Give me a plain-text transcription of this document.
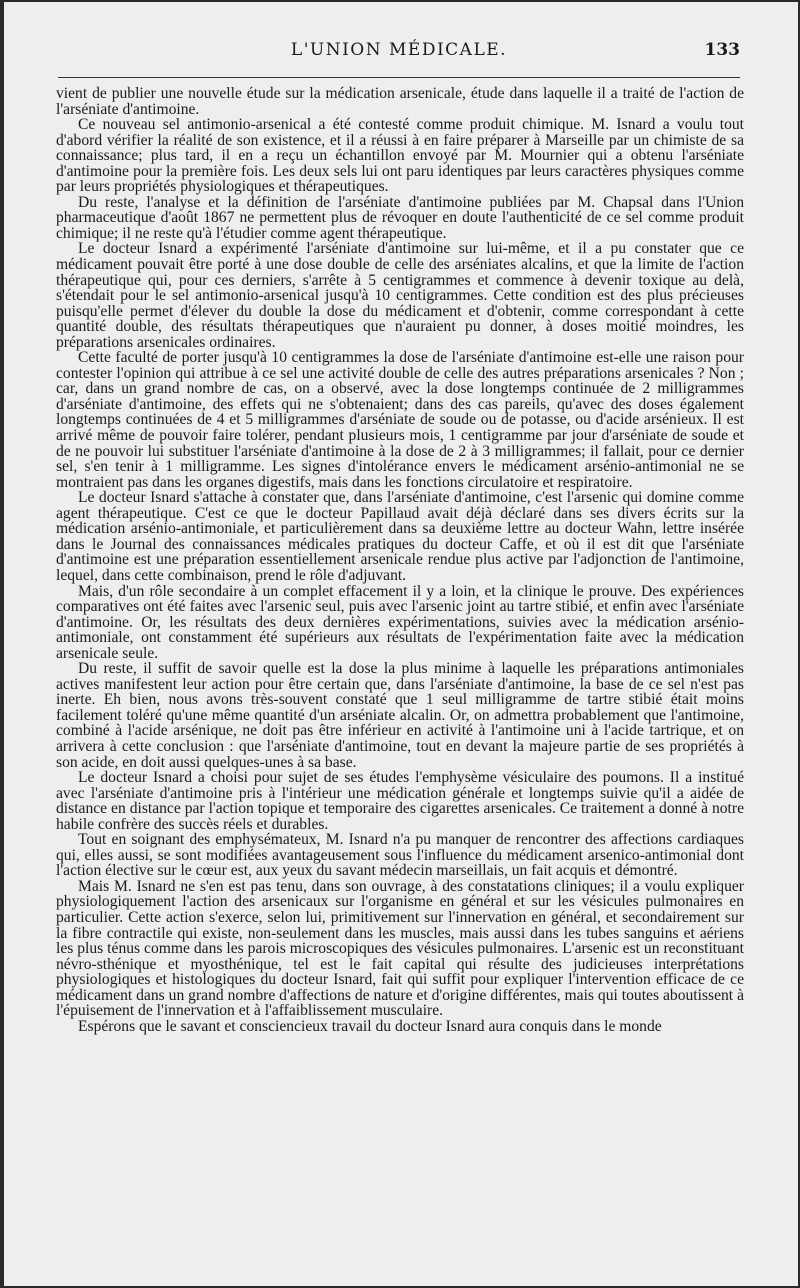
L'UNION MÉDICALE.	133

vient de publier une nouvelle étude sur la médication arsenicale, étude dans laquelle il a traité de l'action de l'arséniate d'antimoine.

Ce nouveau sel antimonio-arsenical a été contesté comme produit chimique. M. Isnard a voulu tout d'abord vérifier la réalité de son existence, et il a réussi à en faire préparer à Marseille par un chimiste de sa connaissance; plus tard, il en a reçu un échantillon envoyé par M. Mournier qui a obtenu l'arséniate d'antimoine pour la première fois. Les deux sels lui ont paru identiques par leurs caractères physiques comme par leurs propriétés physiologiques et thérapeutiques.

Du reste, l'analyse et la définition de l'arséniate d'antimoine publiées par M. Chapsal dans l'Union pharmaceutique d'août 1867 ne permettent plus de révoquer en doute l'authenticité de ce sel comme produit chimique; il ne reste qu'à l'étudier comme agent thérapeutique.

Le docteur Isnard a expérimenté l'arséniate d'antimoine sur lui-même, et il a pu constater que ce médicament pouvait être porté à une dose double de celle des arséniates alcalins, et que la limite de l'action thérapeutique qui, pour ces derniers, s'arrête à 5 centigrammes et commence à devenir toxique au delà, s'étendait pour le sel antimonio-arsenical jusqu'à 10 centigrammes. Cette condition est des plus précieuses puisqu'elle permet d'élever du double la dose du médicament et d'obtenir, comme correspondant à cette quantité double, des résultats thérapeutiques que n'auraient pu donner, à doses moitié moindres, les préparations arsenicales ordinaires.

Cette faculté de porter jusqu'à 10 centigrammes la dose de l'arséniate d'antimoine est-elle une raison pour contester l'opinion qui attribue à ce sel une activité double de celle des autres préparations arsenicales ? Non ; car, dans un grand nombre de cas, on a observé, avec la dose longtemps continuée de 2 milligrammes d'arséniate d'antimoine, des effets qui ne s'obtenaient; dans des cas pareils, qu'avec des doses également longtemps continuées de 4 et 5 milligrammes d'arséniate de soude ou de potasse, ou d'acide arsénieux. Il est arrivé même de pouvoir faire tolérer, pendant plusieurs mois, 1 centigramme par jour d'arséniate de soude et de ne pouvoir lui substituer l'arséniate d'antimoine à la dose de 2 à 3 milligrammes; il fallait, pour ce dernier sel, s'en tenir à 1 milligramme. Les signes d'intolérance envers le médicament arsénio-antimonial ne se montraient pas dans les organes digestifs, mais dans les fonctions circulatoire et respiratoire.

Le docteur Isnard s'attache à constater que, dans l'arséniate d'antimoine, c'est l'arsenic qui domine comme agent thérapeutique. C'est ce que le docteur Papillaud avait déjà déclaré dans ses divers écrits sur la médication arsénio-antimoniale, et particulièrement dans sa deuxième lettre au docteur Wahn, lettre insérée dans le Journal des connaissances médicales pratiques du docteur Caffe, et où il est dit que l'arséniate d'antimoine est une préparation essentiellement arsenicale rendue plus active par l'adjonction de l'antimoine, lequel, dans cette combinaison, prend le rôle d'adjuvant.

Mais, d'un rôle secondaire à un complet effacement il y a loin, et la clinique le prouve. Des expériences comparatives ont été faites avec l'arsenic seul, puis avec l'arsenic joint au tartre stibié, et enfin avec l'arséniate d'antimoine. Or, les résultats des deux dernières expérimentations, suivies avec la médication arsénio-antimoniale, ont constamment été supérieurs aux résultats de l'expérimentation faite avec la médication arsenicale seule.

Du reste, il suffit de savoir quelle est la dose la plus minime à laquelle les préparations antimoniales actives manifestent leur action pour être certain que, dans l'arséniate d'antimoine, la base de ce sel n'est pas inerte. Eh bien, nous avons très-souvent constaté que 1 seul milligramme de tartre stibié était moins facilement toléré qu'une même quantité d'un arséniate alcalin. Or, on admettra probablement que l'antimoine, combiné à l'acide arsénique, ne doit pas être inférieur en activité à l'antimoine uni à l'acide tartrique, et on arrivera à cette conclusion : que l'arséniate d'antimoine, tout en devant la majeure partie de ses propriétés à son acide, en doit aussi quelques-unes à sa base.

Le docteur Isnard a choisi pour sujet de ses études l'emphysème vésiculaire des poumons. Il a institué avec l'arséniate d'antimoine pris à l'intérieur une médication générale et longtemps suivie qu'il a aidée de distance en distance par l'action topique et temporaire des cigarettes arsenicales. Ce traitement a donné à notre habile confrère des succès réels et durables.

Tout en soignant des emphysémateux, M. Isnard n'a pu manquer de rencontrer des affections cardiaques qui, elles aussi, se sont modifiées avantageusement sous l'influence du médicament arsenico-antimonial dont l'action élective sur le cœur est, aux yeux du savant médecin marseillais, un fait acquis et démontré.

Mais M. Isnard ne s'en est pas tenu, dans son ouvrage, à des constatations cliniques; il a voulu expliquer physiologiquement l'action des arsenicaux sur l'organisme en général et sur les vésicules pulmonaires en particulier. Cette action s'exerce, selon lui, primitivement sur l'innervation en général, et secondairement sur la fibre contractile qui existe, non-seulement dans les muscles, mais aussi dans les tubes sanguins et aériens les plus ténus comme dans les parois microscopiques des vésicules pulmonaires. L'arsenic est un reconstituant névro-sthénique et myosthénique, tel est le fait capital qui résulte des judicieuses interprétations physiologiques et histologiques du docteur Isnard, fait qui suffit pour expliquer l'intervention efficace de ce médicament dans un grand nombre d'affections de nature et d'origine différentes, mais qui toutes aboutissent à l'épuisement de l'innervation et à l'affaiblissement musculaire.

Espérons que le savant et consciencieux travail du docteur Isnard aura conquis dans le monde
